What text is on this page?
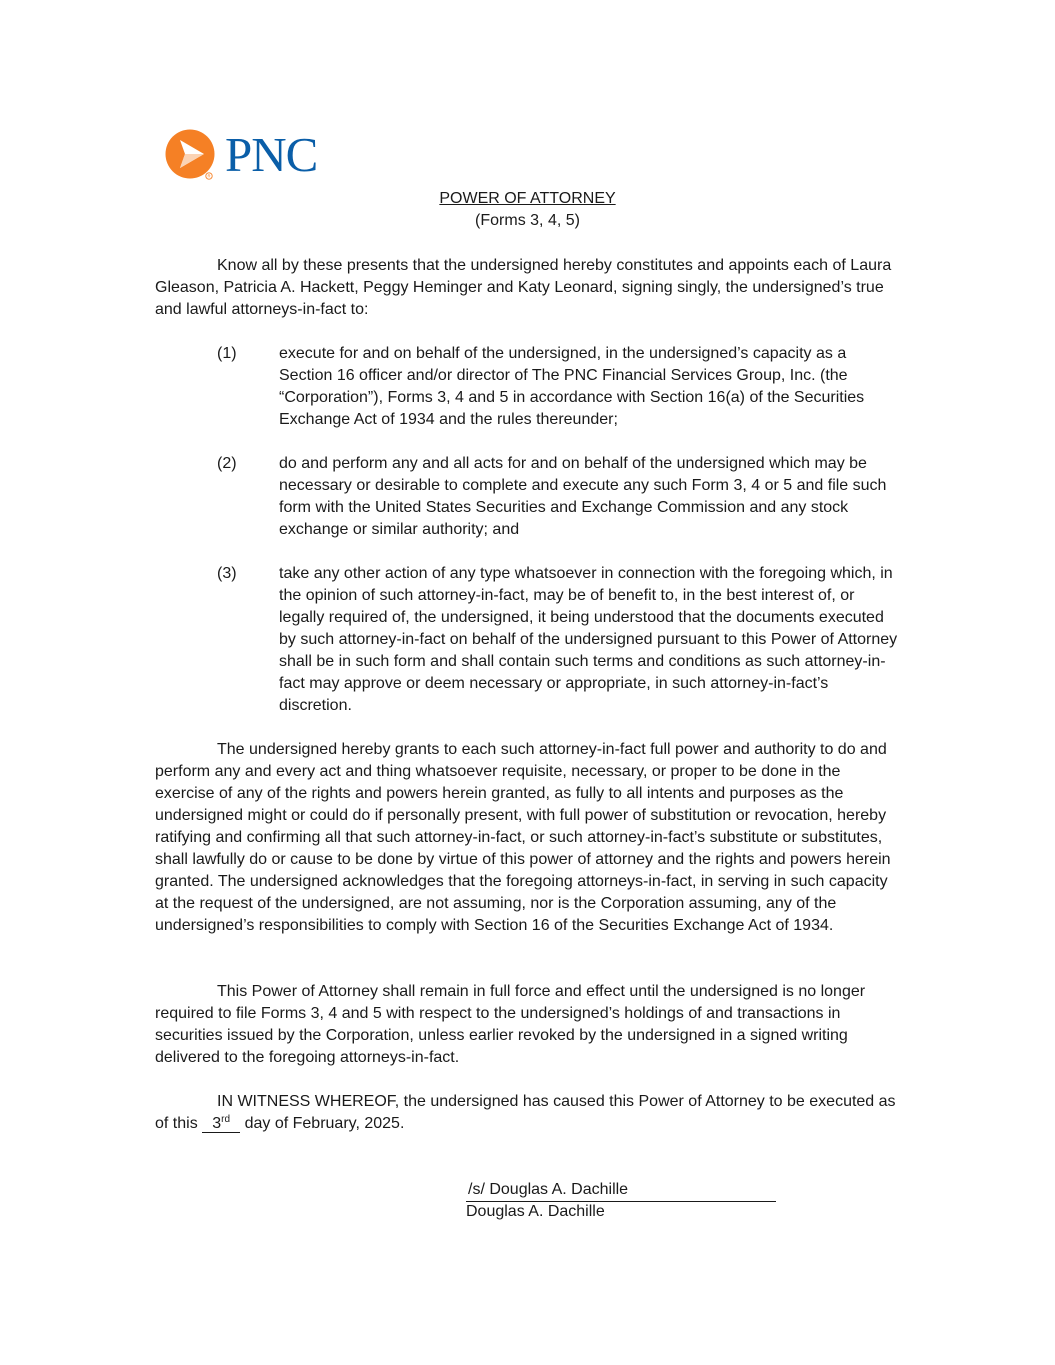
R PNC
POWER OF ATTORNEY
(Forms 3, 4, 5)
Know all by these presents that the undersigned hereby constitutes and appoints each of Laura Gleason, Patricia A. Hackett, Peggy Heminger and Katy Leonard, signing singly, the undersigned’s true and lawful attorneys-in-fact to:
(1)	execute for and on behalf of the undersigned, in the undersigned’s capacity as a Section 16 officer and/or director of The PNC Financial Services Group, Inc. (the “Corporation”), Forms 3, 4 and 5 in accordance with Section 16(a) of the Securities Exchange Act of 1934 and the rules thereunder;
(2)	do and perform any and all acts for and on behalf of the undersigned which may be necessary or desirable to complete and execute any such Form 3, 4 or 5 and file such form with the United States Securities and Exchange Commission and any stock exchange or similar authority; and
(3)	take any other action of any type whatsoever in connection with the foregoing which, in the opinion of such attorney-in-fact, may be of benefit to, in the best interest of, or legally required of, the undersigned, it being understood that the documents executed by such attorney-in-fact on behalf of the undersigned pursuant to this Power of Attorney shall be in such form and shall contain such terms and conditions as such attorney-in-fact may approve or deem necessary or appropriate, in such attorney-in-fact’s discretion.
The undersigned hereby grants to each such attorney-in-fact full power and authority to do and perform any and every act and thing whatsoever requisite, necessary, or proper to be done in the exercise of any of the rights and powers herein granted, as fully to all intents and purposes as the undersigned might or could do if personally present, with full power of substitution or revocation, hereby ratifying and confirming all that such attorney-in-fact, or such attorney-in-fact’s substitute or substitutes, shall lawfully do or cause to be done by virtue of this power of attorney and the rights and powers herein granted. The undersigned acknowledges that the foregoing attorneys-in-fact, in serving in such capacity at the request of the undersigned, are not assuming, nor is the Corporation assuming, any of the undersigned’s responsibilities to comply with Section 16 of the Securities Exchange Act of 1934.
This Power of Attorney shall remain in full force and effect until the undersigned is no longer required to file Forms 3, 4 and 5 with respect to the undersigned’s holdings of and transactions in securities issued by the Corporation, unless earlier revoked by the undersigned in a signed writing delivered to the foregoing attorneys-in-fact.
IN WITNESS WHEREOF, the undersigned has caused this Power of Attorney to be executed as of this 3rd day of February, 2025.
/s/ Douglas A. Dachille
Douglas A. Dachille
